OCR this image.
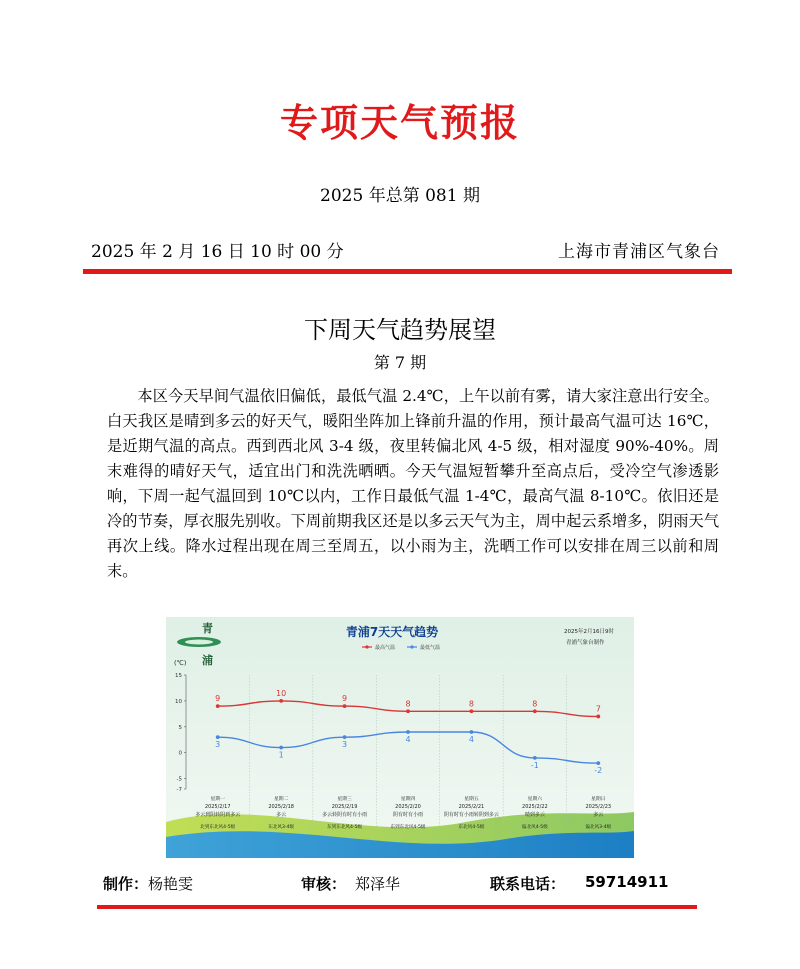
专项天气预报
2025 年总第 081 期
2025 年 2 月 16 日 10 时 00 分	上海市青浦区气象台
下周天气趋势展望
第 7 期
本区今天早间气温依旧偏低，最低气温 2.4℃，上午以前有雾，请大家注意出行安全。白天我区是晴到多云的好天气，暖阳坐阵加上锋前升温的作用，预计最高气温可达 16℃，是近期气温的高点。西到西北风 3-4 级，夜里转偏北风 4-5 级，相对湿度 90%-40%。周末难得的晴好天气，适宜出门和洗洗晒晒。今天气温短暂攀升至高点后，受冷空气渗透影响，下周一起气温回到 10℃以内，工作日最低气温 1-4℃，最高气温 8-10℃。依旧还是冷的节奏，厚衣服先别收。下周前期我区还是以多云天气为主，周中起云系增多，阴雨天气再次上线。降水过程出现在周三至周五，以小雨为主，洗晒工作可以安排在周三以前和周末。
青
浦
青浦7天天气趋势	2025年2月16日9时
青浦气象台制作
最高气温	最低气温
(℃)
15
10
5
0
-5
-7
9
10
9
8	8	8
7
3
1
3
4	4
-1
-2
星期一
2025/2/17
多云到阴转阴到多云
北到东北风4-5级
星期二
2025/2/18
多云
东北风3-4级
星期三
2025/2/19
多云转阴有时有小雨
东到东北风4-5级
星期四
2025/2/20
阴有时有小雨
东到东北风4-5级
星期五
2025/2/21
阴有时有小雨转阴到多云
东北风4-5级
星期六
2025/2/22
晴到多云
偏北风4-5级
星期日
2025/2/23
多云
偏北风3-4级
制作：杨艳雯	审核： 郑泽华	联系电话： 59714911
